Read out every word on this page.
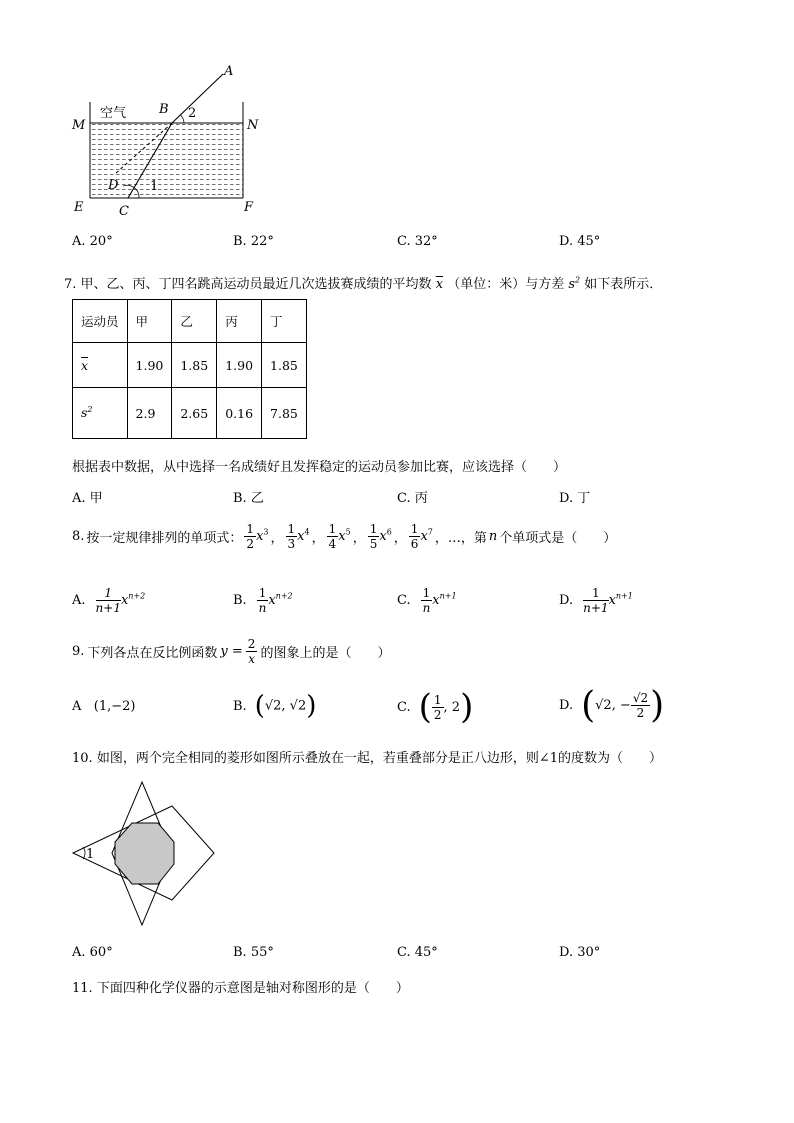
A
B 2
M	N
D 1
E	C	F
空气
A. 20°	B. 22°	C. 32°	D. 45°
7. 甲、乙、丙、丁四名跳高运动员最近几次选拔赛成绩的平均数 $\overline{x}$ （单位：米）与方差 $s^2$ 如下表所示．
运动员	甲	乙	丙	丁
$\overline{x}$	1.90	1.85	1.90	1.85
$s^2$	2.9	2.65	0.16	7.85
根据表中数据，从中选择一名成绩好且发挥稳定的运动员参加比赛，应该选择（　　）
A. 甲	B. 乙	C. 丙	D. 丁
8. 按一定规律排列的单项式： $\frac{1}{2} x^3$ ， $\frac{1}{3} x^4$ ， $\frac{1}{4} x^5$ ， $\frac{1}{5} x^6$ ， $\frac{1}{6} x^7$ ，…，第 n 个单项式是（　　）
A. $\frac{1}{n+1} x^{n+2}$	B. $\frac{1}{n} x^{n+2}$	C. $\frac{1}{n} x^{n+1}$	D. $\frac{1}{n+1} x^{n+1}$
9. 下列各点在反比例函数 $y = \frac{2}{x}$ 的图象上的是（　　）
A (1,−2)	B. (√2, √2)	C. ( $\frac{1}{2}$ , 2 )	D. ( √2, − $\frac{√2}{2}$ )
10. 如图，两个完全相同的菱形如图所示叠放在一起，若重叠部分是正八边形，则∠1的度数为（　　）
1
A. 60°	B. 55°	C. 45°	D. 30°
11. 下面四种化学仪器的示意图是轴对称图形的是（　　）
